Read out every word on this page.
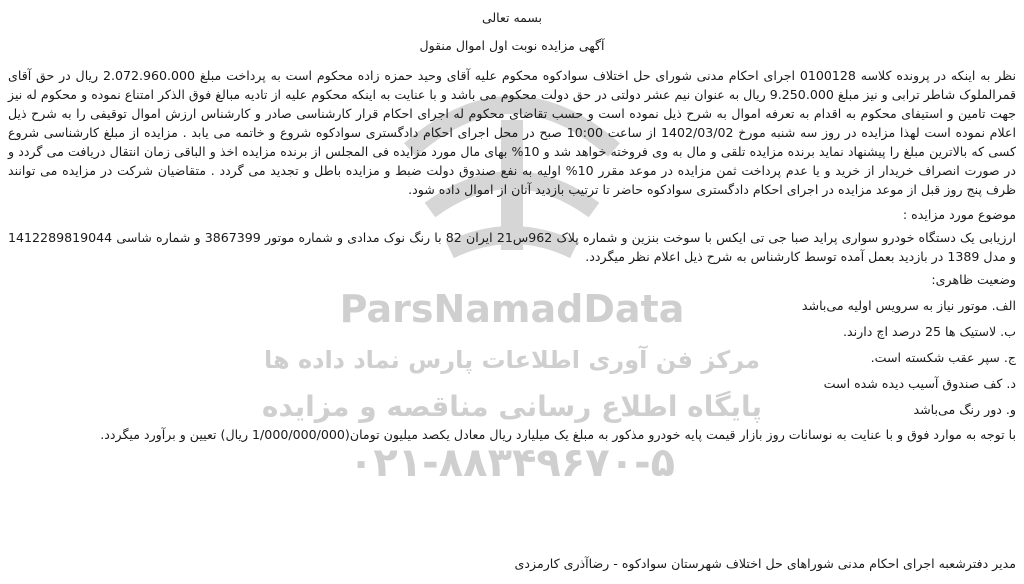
ParsNamadData
مرکز فن آوری اطلاعات پارس نماد داده ها
پایگاه اطلاع رسانی مناقصه و مزایده
۰۲۱-۸۸۳۴۹۶۷۰-۵
بسمه تعالی
آگهی مزایده نوبت اول اموال منقول

نظر به اینکه در پرونده کلاسه 0100128 اجرای احکام مدنی شورای حل اختلاف سوادکوه محکوم علیه آقای وحید حمزه زاده محکوم است به پرداخت مبلغ 2.072.960.000 ریال در حق آقای قمرالملوک شاطر ترابی و نیز مبلغ 9.250.000 ریال به عنوان نیم عشر دولتی در حق دولت محکوم می باشد و با عنایت به اینکه محکوم علیه از تادیه مبالغ فوق الذکر امتناع نموده و محکوم له نیز جهت تامین و استیفای محکوم به اقدام به تعرفه اموال به شرح ذیل نموده است و حسب تقاضای محکوم له اجرای احکام قرار کارشناسی صادر و کارشناس ارزش اموال توقیفی را به شرح ذیل اعلام نموده است لهذا مزایده در روز سه شنبه مورخ 1402/03/02 از ساعت 10:00 صبح در محل اجرای احکام دادگستری سوادکوه شروع و خاتمه می یابد . مزایده از مبلغ کارشناسی شروع کسی که بالاترین مبلغ را پیشنهاد نماید برنده مزایده تلقی و مال به وی فروخته خواهد شد و 10% بهای مال مورد مزایده فی المجلس از برنده مزایده اخذ و الباقی زمان انتقال دریافت می گردد و در صورت انصراف خریدار از خرید و یا عدم پرداخت ثمن مزایده در موعد مقرر 10% اولیه به نفع صندوق دولت ضبط و مزایده باطل و تجدید می گردد . متقاضیان شرکت در مزایده می توانند ظرف پنج روز قبل از موعد مزایده در اجرای احکام دادگستری سوادکوه حاضر تا ترتیب بازدید آنان از اموال داده شود.

موضوع مورد مزایده :
ارزیابی یک دستگاه خودرو سواری پراید صبا جی تی ایکس با سوخت بنزین و شماره پلاک 962س21 ایران 82 با رنگ نوک مدادی و شماره موتور 3867399 و شماره شاسی 1412289819044 و مدل 1389 در بازدید بعمل آمده توسط کارشناس به شرح ذیل اعلام نظر میگردد.
وضعیت ظاهری:
الف. موتور نیاز به سرویس اولیه می‌باشد
ب. لاستیک ها 25 درصد اچ دارند.
ج. سپر عقب شکسته است.
د. کف صندوق آسیب دیده شده است
و. دور رنگ می‌باشد
با توجه به موارد فوق و با عنایت به نوسانات روز بازار قیمت پایه خودرو مذکور به مبلغ یک میلیارد ریال معادل یکصد میلیون تومان(1/000/000/000 ریال) تعیین و برآورد میگردد.
مدیر دفترشعبه اجرای احکام مدنی شوراهای حل اختلاف شهرستان سوادکوه - رضاآذری کارمزدی
